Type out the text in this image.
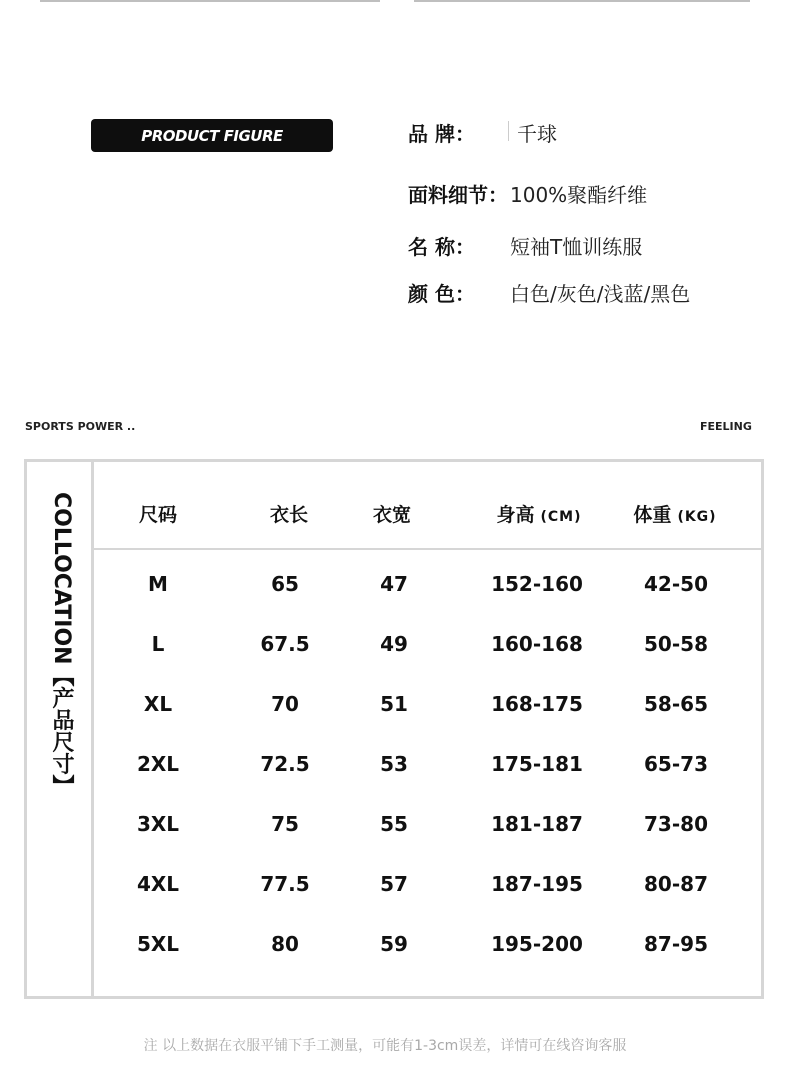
PRODUCT FIGURE	品 牌：	千球
面料细节： 100%聚酯纤维
名 称：	短袖T恤训练服
颜 色：	白色/灰色/浅蓝/黑色
SPORTS POWER ..	FEELING
COLLOCATION【产品尺寸】	尺码	衣长	衣宽	身高 (CM)	体重 (KG)
M	65	47	152-160	42-50
L	67.5	49	160-168	50-58
XL	70	51	168-175	58-65
2XL	72.5	53	175-181	65-73
3XL	75	55	181-187	73-80
4XL	77.5	57	187-195	80-87
5XL	80	59	195-200	87-95
注 以上数据在衣服平铺下手工测量，可能有1-3cm误差，详情可在线咨询客服
